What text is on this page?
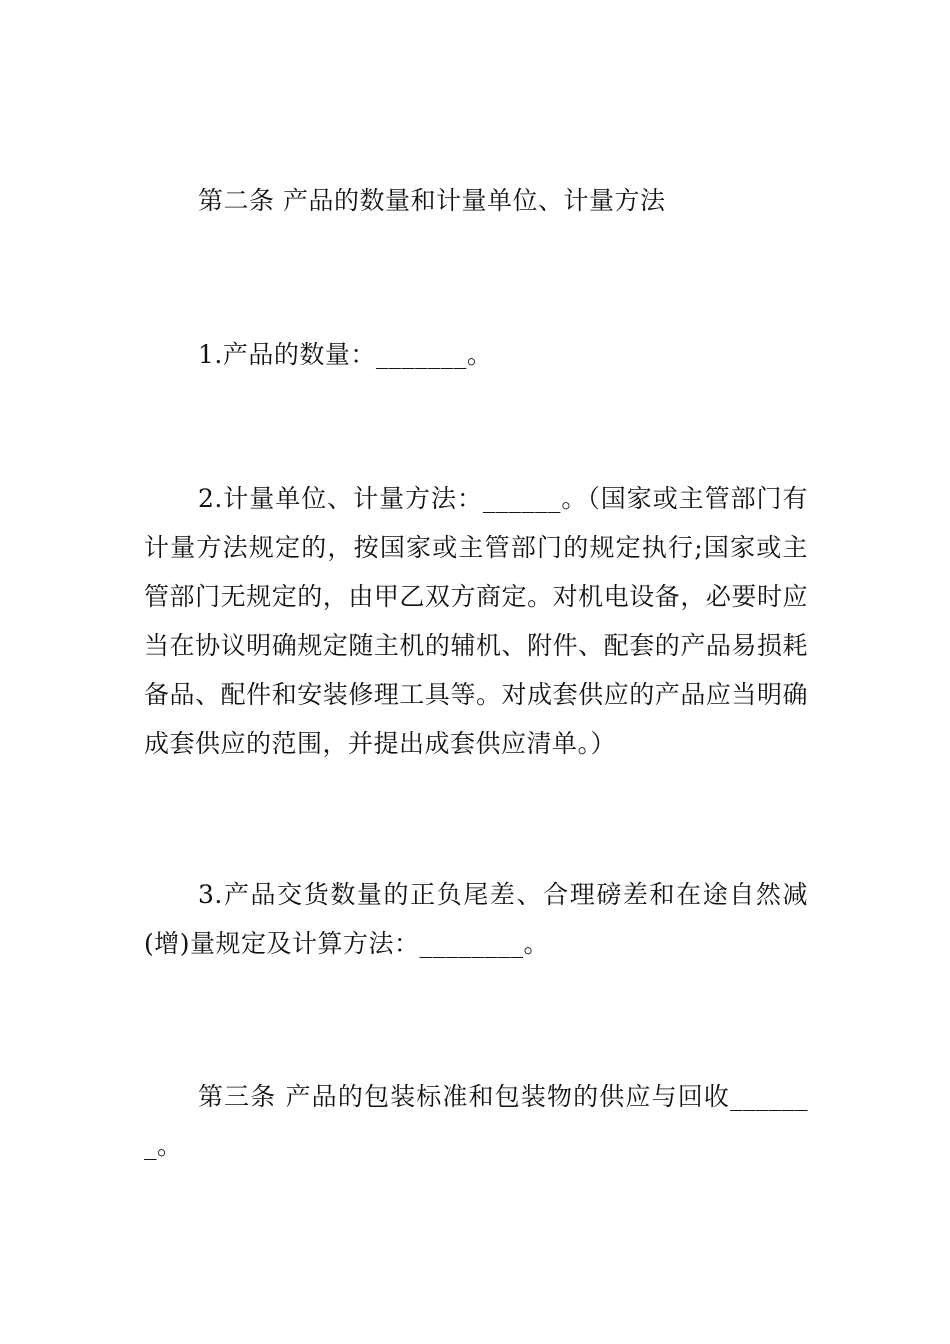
第二条 产品的数量和计量单位、计量方法

1.产品的数量：_______。

2.计量单位、计量方法：______。（国家或主管部门有计量方法规定的，按国家或主管部门的规定执行;国家或主管部门无规定的，由甲乙双方商定。对机电设备，必要时应当在协议明确规定随主机的辅机、附件、配套的产品易损耗备品、配件和安装修理工具等。对成套供应的产品应当明确成套供应的范围，并提出成套供应清单。）

3.产品交货数量的正负尾差、合理磅差和在途自然减(增)量规定及计算方法：________。

第三条 产品的包装标准和包装物的供应与回收_______。
